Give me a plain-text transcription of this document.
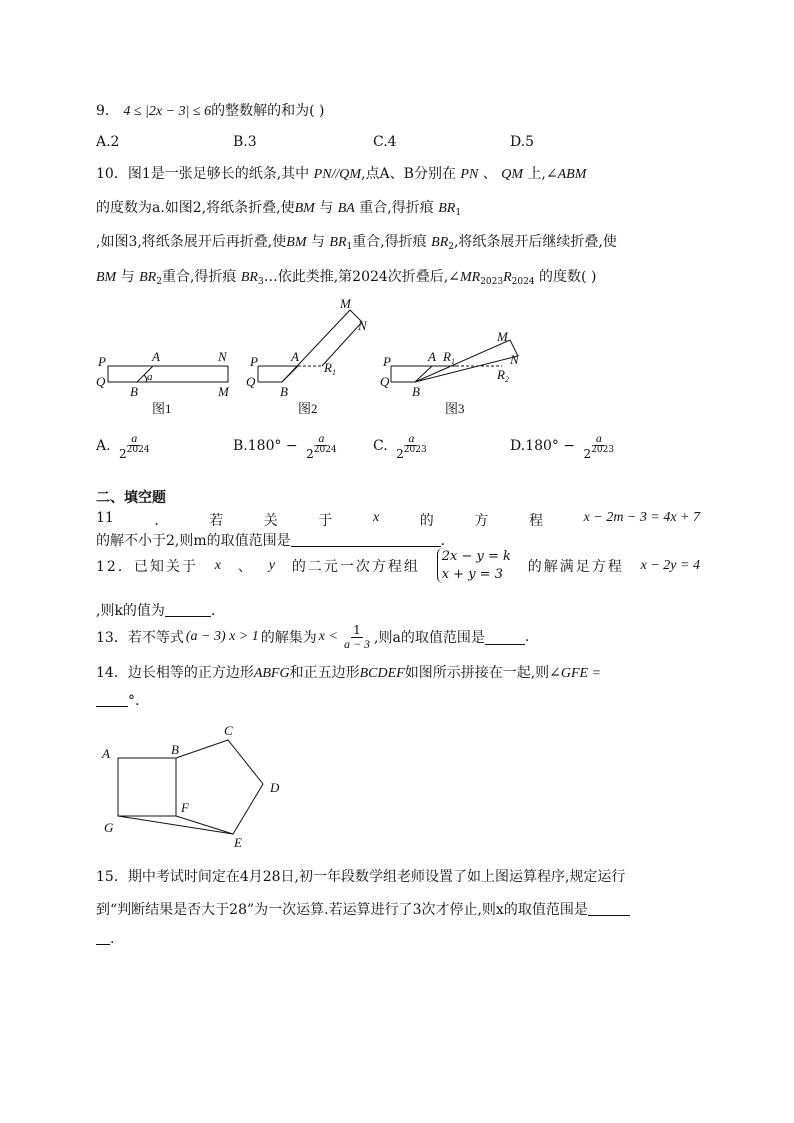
9． 4 ≤ |2x − 3| ≤ 6的整数解的和为( )
A.2	B.3	C.4	D.5
10．图1是一张足够长的纸条,其中 PN//QM,点A、B分别在 PN 、 QM 上,∠ABM
的度数为a.如图2,将纸条折叠,使BM 与 BA 重合,得折痕 $BR_1$
,如图3,将纸条展开后再折叠,使BM 与 $BR_1$重合,得折痕 $BR_2$,将纸条展开后继续折叠,使
BM 与 $BR_2$重合,得折痕 $BR_3\dots$依此类推,第2024次折叠后$,\angle MR_{2023}R_{2024}$ 的度数( )
P
Q
A
B
N
M
a
P
Q
A
B
M
N
$R_1$
P
Q
A $R_1$
B
M
N
$R_2$
图1	图2	图3
A. $\frac{a}{2^{2024}}$	$B.180^\circ - \frac{a}{2^{2024}} C$. $\frac{a}{2^{2023}}$	$D.180^\circ - \frac{a}{2^{2023}}$
二、填空题
11	．	若	关	于	x	的	方	程	x − 2m − 3 = 4x + 7
的解不小于2,则m的取值范围是	.
12．已知关于 x 、 y 的二元一次方程组
2x − y = k
x + y = 3	的解满足方程 x − 2y = 4
,则k的值为	.
13．若不等式 (a − 3) x > 1 的解集为 $x < \frac{1}{a - 3}$ ,则a的取值范围是	.
14．边长相等的正方边形ABFG和正五边形BCDEF如图所示拼接在一起,则∠GFE =
°.
A	B
C
D
E
F
G
15．期中考试时间定在4月28日,初一年段数学组老师设置了如上图运算程序,规定运行
到“判断结果是否大于28”为一次运算.若运算进行了3次才停止,则x的取值范围是
.
